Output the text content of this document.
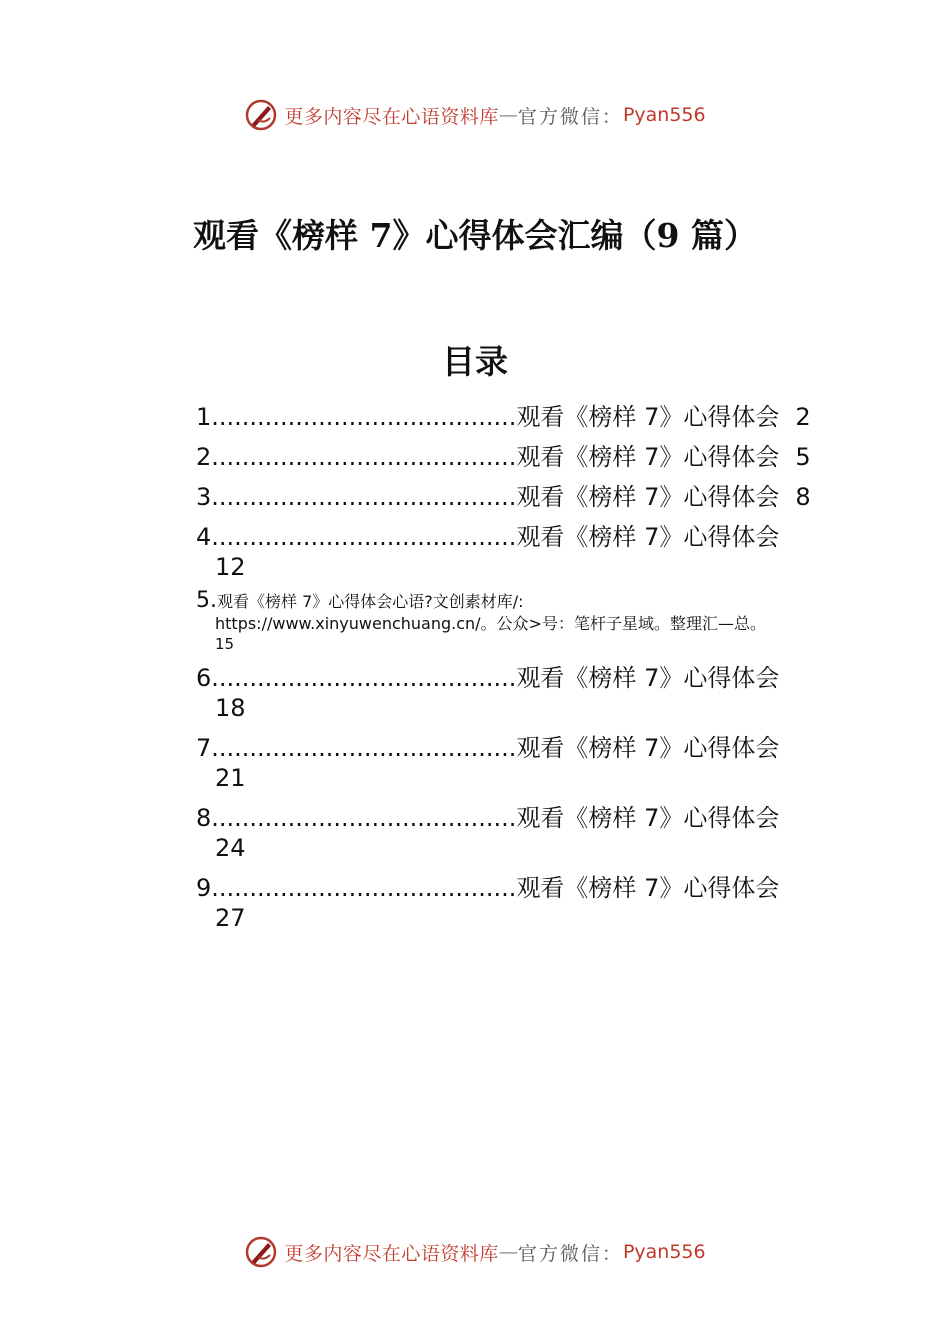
更多内容尽在心语资料库 — 官方微信： Pyan556
观看《榜样 7》心得体会汇编（9 篇）
目录
1........................................观看《榜样 7》心得体会 2
2........................................观看《榜样 7》心得体会 5
3........................................观看《榜样 7》心得体会 8
4........................................观看《榜样 7》心得体会
12
5.观看《榜样 7》心得体会心语?文创素材库/:
https://www.xinyuwenchuang.cn/。公众>号：笔杆子星域。整理汇—总。
15
6........................................观看《榜样 7》心得体会
18
7........................................观看《榜样 7》心得体会
21
8........................................观看《榜样 7》心得体会
24
9........................................观看《榜样 7》心得体会
27
更多内容尽在心语资料库 — 官方微信： Pyan556
